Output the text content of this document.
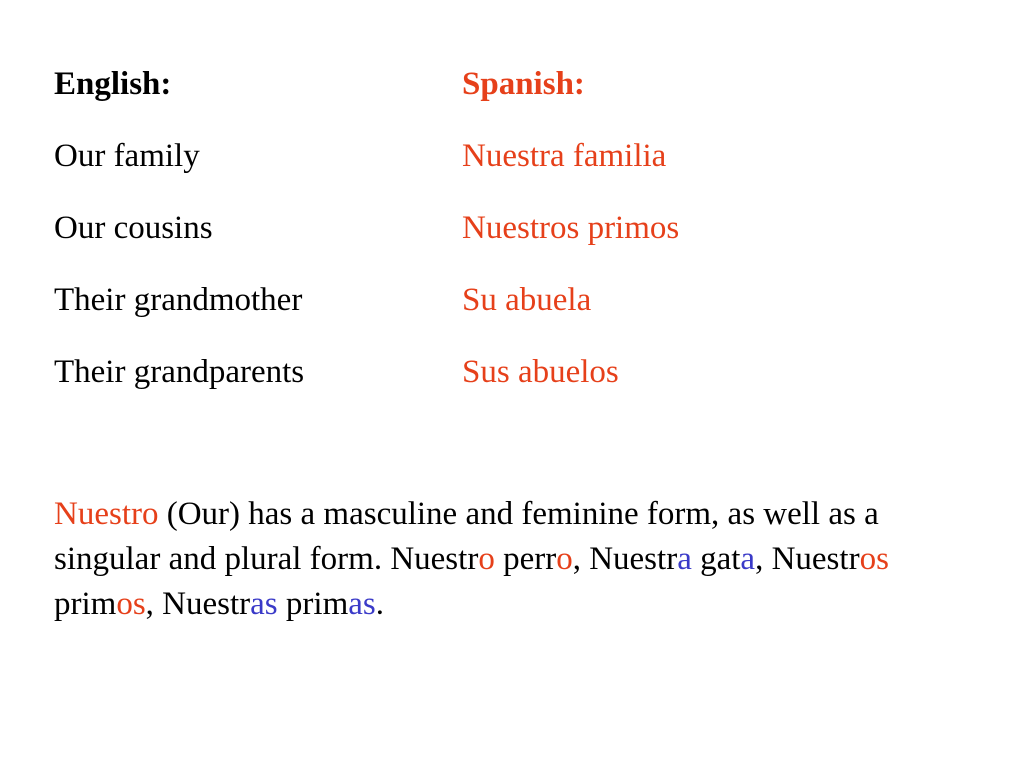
English:
Our family
Our cousins
Their grandmother
Their grandparents
Spanish:
Nuestra familia
Nuestros primos
Su abuela
Sus abuelos

Nuestro (Our) has a masculine and feminine form, as well as a singular and plural form. Nuestro perro, Nuestra gata, Nuestros primos, Nuestras primas.
